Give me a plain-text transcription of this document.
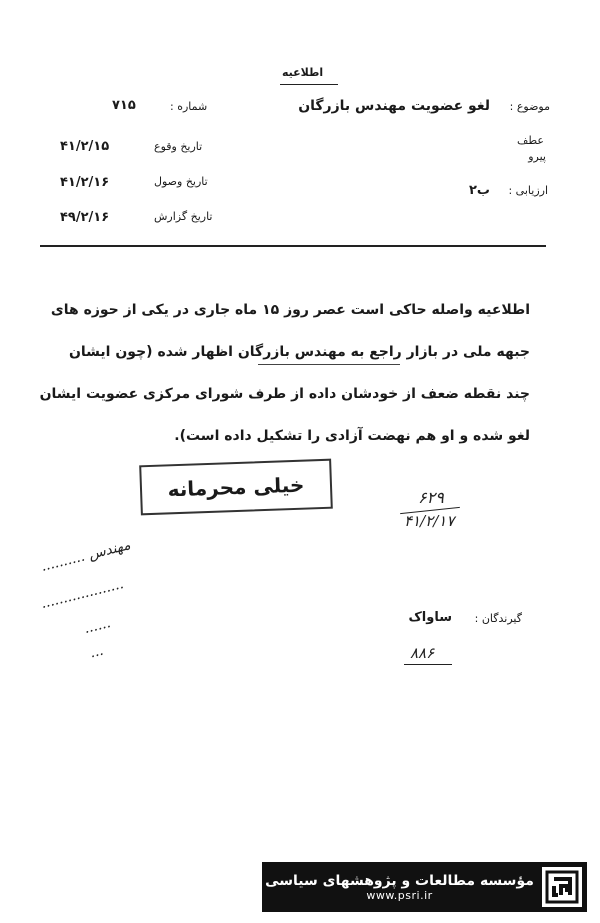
اطلاعیه
موضوع :
لغو عضویت مهندس بازرگان
عطف
پیرو
ارزیابی :
ب۲
شماره :
۷۱۵
تاریخ وقوع
۴۱/۲/۱۵
تاریخ وصول
۴۱/۲/۱۶
تاریخ گزارش
۴۹/۲/۱۶
اطلاعیه واصله حاکی است عصر روز ۱۵ ماه جاری در یکی از حوزه های
جبهه ملی در بازار راجع به مهندس بازرگان اظهار شده (چون ایشان
چند نقطه ضعف از خودشان داده از طرف شورای مرکزی عضویت ایشان
لغو شده و او هم نهضت آزادی را تشکیل داده است).
خیلی محرمانه	۶۲۹
۴۱/۲/۱۷
مهندس ..........
...................
......
...
گیرندگان :
ساواک
۸۸۶
مؤسسه مطالعات و پژوهشهای سیاسی
www.psri.ir
